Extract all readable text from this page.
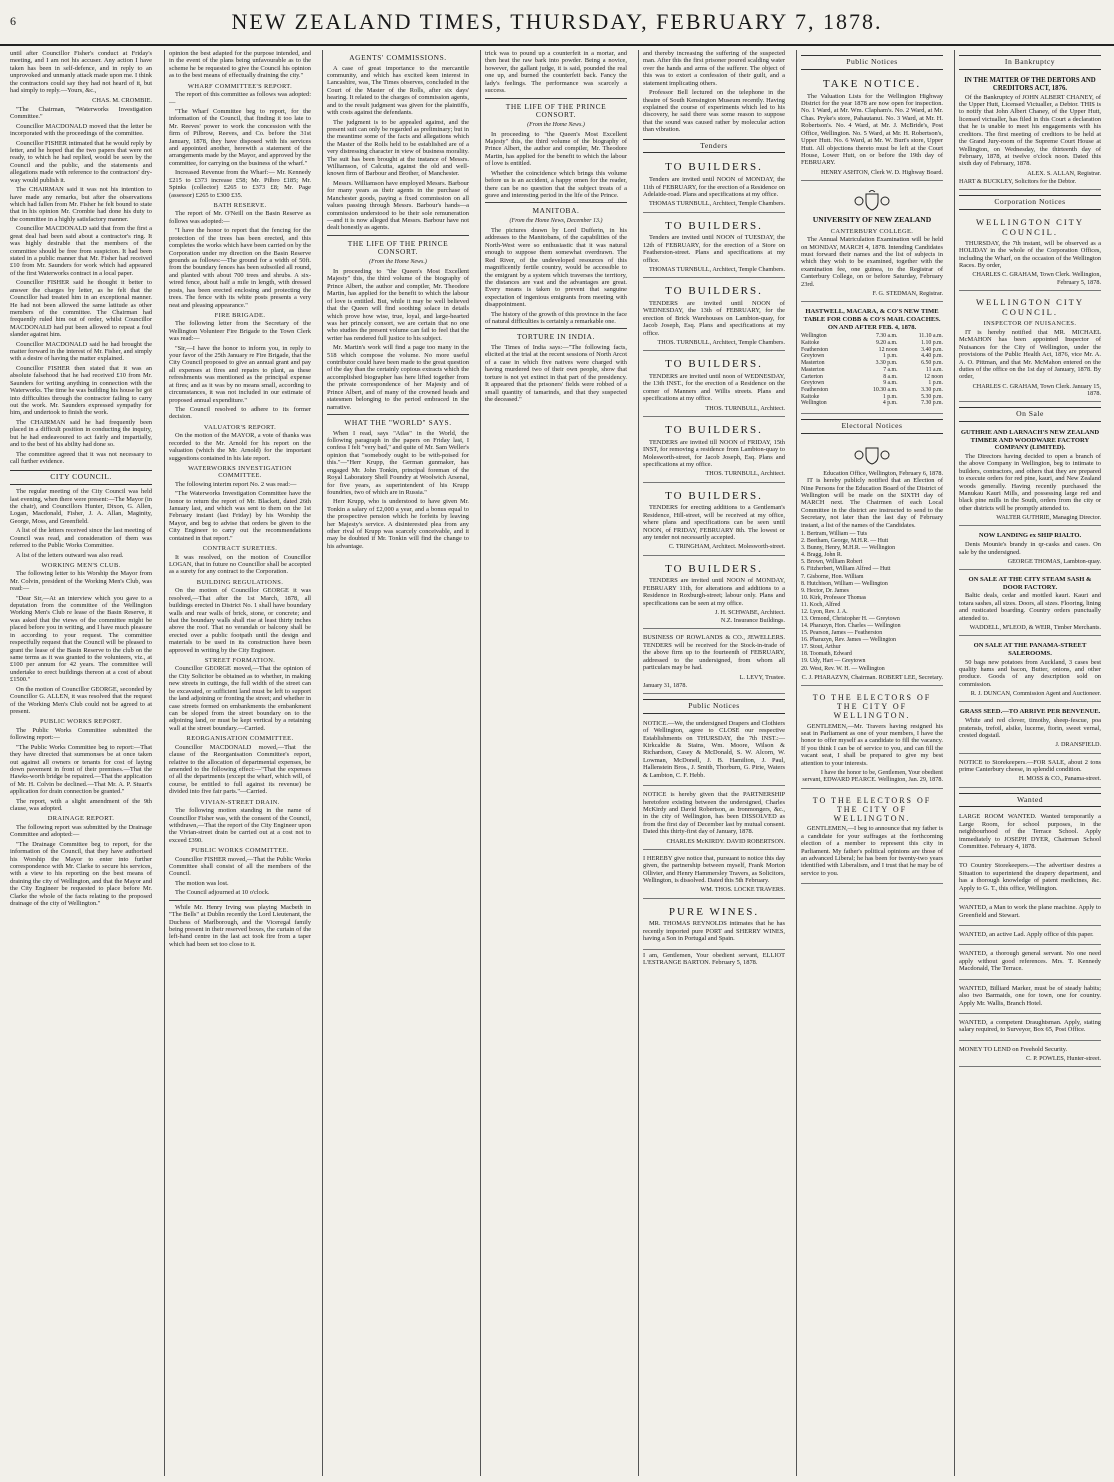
6	NEW ZEALAND TIMES, THURSDAY, FEBRUARY 7, 1878.

until after Councillor Fisher's conduct at Friday's meeting, and I am not his accuser. Any action I have taken has been in self-defence, and in reply to an unprovoked and unmanly attack made upon me. I think the contractors could say they had not heard of it, but had simply to reply.—Yours, &c.,

CHAS. M. CROMBIE.

"The Chairman, "Waterworks Investigation Committee."

Councillor MACDONALD moved that the letter be incorporated with the proceedings of the committee.

Councillor FISHER intimated that he would reply by letter, and he hoped that the two papers that were not ready, to which he had replied, would be seen by the Council and the public, and the statements and allegations made with reference to the contractors' dry-way would publish it.

The CHAIRMAN said it was not his intention to have made any remarks, but after the observations which had fallen from Mr. Fisher he felt bound to state that in his opinion Mr. Crombie had done his duty to the committee in a highly satisfactory manner.

Councillor MACDONALD said that from the first a great deal had been said about a contractor's ring. It was highly desirable that the members of the committee should be free from suspicion. It had been stated in a public manner that Mr. Fisher had received £10 from Mr. Saunders for work which had appeared of the first Waterworks contract in a local paper.

Councillor FISHER said he thought it better to answer the charges by letter, as he felt that the Councillor had treated him in an exceptional manner. He had not been allowed the same latitude as other members of the committee. The Chairman had frequently ruled him out of order, whilst Councillor MACDONALD had put been allowed to repeat a foul slander against him.

Councillor MACDONALD said he had brought the matter forward in the interest of Mr. Fisher, and simply with a desire of having the matter explained.

Councillor FISHER then stated that it was an absolute falsehood that he had received £10 from Mr. Saunders for writing anything in connection with the Waterworks. The time he was building his house he got into difficulties through the contractor failing to carry out the work. Mr. Saunders expressed sympathy for him, and undertook to finish the work.

The CHAIRMAN said he had frequently been placed in a difficult position in conducting the inquiry, but he had endeavoured to act fairly and impartially, and to the best of his ability had done so.

The committee agreed that it was not necessary to call further evidence.

CITY COUNCIL.

The regular meeting of the City Council was held last evening, when there were present:—The Mayor (in the chair), and Councillors Hunter, Dixon, G. Allen, Logan, Macdonald, Fisher, J. A. Allan, Maginity, George, Moss, and Greenfield.

A list of the letters received since the last meeting of Council was read, and consideration of them was referred to the Public Works Committee.

A list of the letters outward was also read.

WORKING MEN'S CLUB.

The following letter to his Worship the Mayor from Mr. Colvin, president of the Working Men's Club, was read:—

"Dear Sir,—At an interview which you gave to a deputation from the committee of the Wellington Working Men's Club re lease of the Basin Reserve, it was asked that the views of the committee might be placed before you in writing, and I have much pleasure in according to your request. The committee respectfully request that the Council will be pleased to grant the lease of the Basin Reserve to the club on the same terms as it was granted to the volunteers, viz., at £100 per annum for 42 years. The committee will undertake to erect buildings thereon at a cost of about £1500."

On the motion of Councillor GEORGE, seconded by Councillor G. ALLEN, it was resolved that the request of the Working Men's Club could not be agreed to at present.

PUBLIC WORKS REPORT.

The Public Works Committee submitted the following report:—

"The Public Works Committee beg to report:—That they have directed that summonses be at once taken out against all owners or tenants for cost of laying down pavement in front of their premises.—That the Hawks-worth bridge be repaired.—That the application of Mr. H. Colvin be declined.—That Mr. A. P. Stuart's application for drain connection be granted."

The report, with a slight amendment of the 9th clause, was adopted.

DRAINAGE REPORT.

The following report was submitted by the Drainage Committee and adopted:—

"The Drainage Committee beg to report, for the information of the Council, that they have authorised his Worship the Mayor to enter into further correspondence with Mr. Clarke to secure his services, with a view to his reporting on the best means of draining the city of Wellington, and that the Mayor and the City Engineer be requested to place before Mr. Clarke the whole of the facts relating to the proposed drainage of the city of Wellington."

opinion the best adapted for the purpose intended, and in the event of the plans being unfavourable as to the scheme he be requested to give the Council his opinion as to the best means of effectually draining the city."

WHARF COMMITTEE'S REPORT.

The report of this committee as follows was adopted:—

"The Wharf Committee beg to report, for the information of the Council, that finding it too late to Mr. Reeves' power to work the concession with the firm of Pilbrow, Reeves, and Co. before the 31st January, 1878, they have disposed with his services and appointed another, herewith a statement of the arrangements made by the Mayor, and approved by the committee, for carrying on the business of the wharf."

Increased Revenue from the Wharf:— Mr. Kennedy £215 to £373 increase £58; Mr. Pilbro £185; Mr. Spinks (collector) £265 to £373 £8; Mr. Page (assessor) £265 to £300 £35.

BATH RESERVE.

The report of Mr. O'Neill on the Basin Reserve as follows was adopted:—

"I have the honor to report that the fencing for the protection of the trees has been erected, and this completes the works which have been carried on by the Corporation under my direction on the Basin Reserve grounds as follows:—The ground for a width of 50ft. from the boundary fences has been subsoiled all round, and planted with about 700 trees and shrubs. A six-wired fence, about half a mile in length, with dressed posts, has been erected enclosing and protecting the trees. The fence with its white posts presents a very neat and pleasing appearance."

FIRE BRIGADE.

The following letter from the Secretary of the Wellington Volunteer Fire Brigade to the Town Clerk was read:—

"Sir,—I have the honor to inform you, in reply to your favor of the 25th January re Fire Brigade, that the City Council proposed to give an annual grant and pay all expenses at fires and repairs to plant, as these refreshments was mentioned as the principal expense at fires; and as it was by no means small, according to circumstances, it was not included in our estimate of proposed annual expenditure."

The Council resolved to adhere to its former decision.

VALUATOR'S REPORT.

On the motion of the MAYOR, a vote of thanks was recorded to the Mr. Arnold for his report on the valuation (which the Mr. Arnold) for the important suggestions contained in his late report.

WATERWORKS INVESTIGATION COMMITTEE.

The following interim report No. 2 was read:—

"The Waterworks Investigation Committee have the honor to return the report of Mr. Blackett, dated 26th January last, and which was sent to them on the 1st February instant (last Friday) by his Worship the Mayor, and beg to advise that orders be given to the City Engineer to carry out the recommendations contained in that report."

CONTRACT SURETIES.

It was resolved, on the motion of Councillor LOGAN, that in future no Councillor shall be accepted as a surety for any contract to the Corporation.

BUILDING REGULATIONS.

On the motion of Councillor GEORGE it was resolved,—That after the 1st March, 1878, all buildings erected in District No. 1 shall have boundary walls and rear walls of brick, stone, or concrete; and that the boundary walls shall rise at least thirty inches above the roof. That no verandah or balcony shall be erected over a public footpath until the design and materials to be used in its construction have been approved in writing by the City Engineer.

STREET FORMATION.

Councillor GEORGE moved,—That the opinion of the City Solicitor be obtained as to whether, in making new streets in cuttings, the full width of the street can be excavated, or sufficient land must be left to support the land adjoining or fronting the street; and whether in case streets formed on embankments the embankment can be sloped from the street boundary on to the adjoining land, or must be kept vertical by a retaining wall at the street boundary.—Carried.

REORGANISATION COMMITTEE.

Councillor MACDONALD moved,—That the clause of the Reorganisation Committee's report, relative to the allocation of departmental expenses, be amended to the following effect:—"That the expenses of all the departments (except the wharf, which will, of course, be entitled to full against its revenue) be divided into five fair parts."—Carried.

VIVIAN-STREET DRAIN.

The following motion standing in the name of Councillor Fisher was, with the consent of the Council, withdrawn,—That the report of the City Engineer upon the Vivian-street drain be carried out at a cost not to exceed £390.

PUBLIC WORKS COMMITTEE.

Councillor FISHER moved,—That the Public Works Committee shall consist of all the members of the Council.

The motion was lost.

The Council adjourned at 10 o'clock.

While Mr. Henry Irving was playing Macbeth in "The Bells" at Dublin recently the Lord Lieutenant, the Duchess of Marlborough, and the Viceregal family being present in their reserved boxes, the curtain of the left-hand centre in the last act took fire from a taper which had been set too close to it.

AGENTS' COMMISSIONS.

A case of great importance to the mercantile community, and which has excited keen interest in Lancashire, was, The Times observes, concluded in the Court of the Master of the Rolls, after six days' hearing. It related to the charges of commission agents, and to the result judgment was given for the plaintiffs, with costs against the defendants.

The judgment is to be appealed against, and the present suit can only be regarded as preliminary; but in the meantime some of the facts and allegations which the Master of the Rolls held to be established are of a very distressing character in view of business morality. The suit has been brought at the instance of Messrs. Williamson, of Calcutta, against the old and well-known firm of Barbour and Brother, of Manchester.

Messrs. Williamson have employed Messrs. Barbour for many years as their agents in the purchase of Manchester goods, paying a fixed commission on all values passing through Messrs. Barbour's hands—a commission understood to be their sole remuneration—and it is now alleged that Messrs. Barbour have not dealt honestly as agents.

THE LIFE OF THE PRINCE CONSORT.
(From the Home News.)

In proceeding to "the Queen's Most Excellent Majesty" this, the third volume of the biography of Prince Albert, the author and compiler, Mr. Theodore Martin, has applied for the benefit to which the labour of love is entitled. But, while it may be well believed that the Queen will find soothing solace in details which prove how wise, true, loyal, and large-hearted was her princely consort, we are certain that no one who studies the present volume can fail to feel that the writer has rendered full justice to his subject.

Mr. Martin's work will find a page too many in the 518 which compose the volume. No more useful contributor could have been made to the great question of the day than the certainly copious extracts which the accomplished biographer has here lifted together from the private correspondence of her Majesty and of Prince Albert, and of many of the crowned heads and statesmen belonging to the period embraced in the narrative.

WHAT THE "WORLD" SAYS.

When I read, says "Atlas" in the World, the following paragraph in the papers on Friday last, I confess I felt "very bad," and quite of Mr. Sam Weller's opinion that "somebody ought to be with-poised for this."—"Herr Krupp, the German gunmaker, has engaged Mr. John Tonkin, principal foreman of the Royal Laboratory Shell Foundry at Woolwich Arsenal, for five years, as superintendent of his Krupp foundries, two of which are in Russia."

Herr Krupp, who is understood to have given Mr. Tonkin a salary of £2,000 a year, and a bonus equal to the prospective pension which he forfeits by leaving her Majesty's service. A disinterested plea from any other rival of Krupp was scarcely conceivable, and it may be doubted if Mr. Tonkin will find the change to his advantage.

trick was to pound up a counterfeit in a mortar, and then heat the raw bark into powder. Being a novice, however, the gallant judge, it is said, pounded the real one up, and burned the counterfeit back. Fancy the lady's feelings. The performance was scarcely a success.

THE LIFE OF THE PRINCE CONSORT.
(From the Home News.)

In proceeding to "the Queen's Most Excellent Majesty" this, the third volume of the biography of Prince Albert, the author and compiler, Mr. Theodore Martin, has applied for the benefit to which the labour of love is entitled.

Whether the coincidence which brings this volume before us is an accident, a happy omen for the reader, there can be no question that the subject treats of a grave and interesting period in the life of the Prince.

MANITOBA.
(From the Home News, December 13.)

The pictures drawn by Lord Dufferin, in his addresses to the Manitobans, of the capabilities of the North-West were so enthusiastic that it was natural enough to suppose them somewhat overdrawn. The Red River, of the undeveloped resources of this magnificently fertile country, would be accessible to the emigrant by a system which traverses the territory, the distances are vast and the advantages are great. Every means is taken to prevent that sanguine expectation of ingenious emigrants from meeting with disappointment.

The history of the growth of this province in the face of natural difficulties is certainly a remarkable one.

TORTURE IN INDIA.

The Times of India says:—"The following facts, elicited at the trial at the recent sessions of North Arcot of a case in which five natives were charged with having murdered two of their own people, show that torture is not yet extinct in that part of the presidency. It appeared that the prisoners' fields were robbed of a small quantity of tamarinds, and that they suspected the deceased."

and thereby increasing the suffering of the suspected man. After this the first prisoner poured scalding water over the hands and arms of the sufferer. The object of this was to extort a confession of their guilt, and a statement implicating others.

Professor Bell lectured on the telephone in the theatre of South Kensington Museum recently. Having explained the course of experiments which led to his discovery, he said there was some reason to suppose that the sound was caused rather by molecular action than vibration.

Tenders
TO BUILDERS.

Tenders are invited until NOON of MONDAY, the 11th of FEBRUARY, for the erection of a Residence on Adelaide-road. Plans and specifications at my office.

THOMAS TURNBULL, Architect, Temple Chambers.
TO BUILDERS.

Tenders are invited until NOON of TUESDAY, the 12th of FEBRUARY, for the erection of a Store on Featherston-street. Plans and specifications at my office.

THOMAS TURNBULL, Architect, Temple Chambers.
TO BUILDERS.

TENDERS are invited until NOON of WEDNESDAY, the 13th of FEBRUARY, for the erection of Brick Warehouses on Lambton-quay, for Jacob Joseph, Esq. Plans and specifications at my office.

THOS. TURNBULL, Architect, Temple Chambers.
TO BUILDERS.

TENDERS are invited until noon of WEDNESDAY, the 13th INST., for the erection of a Residence on the corner of Manners and Willis streets. Plans and specifications at my office.

THOS. TURNBULL, Architect.
TO BUILDERS.

TENDERS are invited till NOON of FRIDAY, 15th INST, for removing a residence from Lambton-quay to Molesworth-street, for Jacob Joseph, Esq. Plans and specifications at my office.

THOS. TURNBULL, Architect.
TO BUILDERS.

TENDERS for erecting additions to a Gentleman's Residence, Hill-street, will be received at my office, where plans and specifications can be seen until NOON, of FRIDAY, FEBRUARY 8th. The lowest or any tender not necessarily accepted.

C. TRINGHAM, Architect. Molesworth-street.
TO BUILDERS.

TENDERS are invited until NOON of MONDAY, FEBRUARY 11th, for alterations and additions to a Residence in Roxburgh-street; labour only. Plans and specifications can be seen at my office.

J. H. SCHWABE, Architect.
N.Z. Insurance Buildings.

BUSINESS OF ROWLANDS & CO., JEWELLERS. TENDERS will be received for the Stock-in-trade of the above firm up to the fourteenth of FEBRUARY, addressed to the undersigned, from whom all particulars may be had.

L. LEVY, Trustee.
January 31, 1878.
Public Notices

NOTICE.—We, the undersigned Drapers and Clothiers of Wellington, agree to CLOSE our respective Establishments on THURSDAY, the 7th INST.:— Kirkcaldie & Stains, Wm. Moore, Wilson & Richardson, Casey & McDonald, S. W. Alcorn, W. Lowman, McDonell, J. B. Hamilton, J. Paul, Hallenstein Bros., J. Smith, Thorburn, G. Pirie, Waters & Lambton, C. F. Hebb.

NOTICE is hereby given that the PARTNERSHIP heretofore existing between the undersigned, Charles McKirdy and David Robertson, as Ironmongers, &c., in the city of Wellington, has been DISSOLVED as from the first day of December last by mutual consent. Dated this thirty-first day of January, 1878.

CHARLES McKIRDY. DAVID ROBERTSON.

I HEREBY give notice that, pursuant to notice this day given, the partnership between myself, Frank Morton Ollivier, and Henry Hammersley Travers, as Solicitors, Wellington, is dissolved. Dated this 5th February.

WM. THOS. LOCKE TRAVERS.
PURE WINES.

MR. THOMAS REYNOLDS intimates that he has recently imported pure PORT and SHERRY WINES, having a Son in Portugal and Spain.

I am, Gentlemen, Your obedient servant, ELLIOT L'ESTRANGE BARTON. February 5, 1878.
Public Notices
TAKE NOTICE.

The Valuation Lists for the Wellington Highway District for the year 1878 are now open for inspection. No. 1 Ward, at Mr. Wm. Clapham's. No. 2 Ward, at Mr. Chas. Pryke's store, Pahautanui. No. 3 Ward, at Mr. H. Robertson's. No. 4 Ward, at Mr. J. McBride's, Post Office, Wellington. No. 5 Ward, at Mr. H. Robertson's, Upper Hutt. No. 6 Ward, at Mr. W. Burt's store, Upper Hutt. All objections thereto must be left at the Court House, Lower Hutt, on or before the 19th day of FEBRUARY.

HENRY ASHTON, Clerk W. D. Highway Board.
UNIVERSITY OF NEW ZEALAND
CANTERBURY COLLEGE.

The Annual Matriculation Examination will be held on MONDAY, MARCH 4, 1878. Intending Candidates must forward their names and the list of subjects in which they wish to be examined, together with the examination fee, one guinea, to the Registrar of Canterbury College, on or before Saturday, February 23rd.

F. G. STEDMAN, Registrar.
HASTWELL, MACARA, & CO'S NEW TIME TABLE FOR COBB & CO'S MAIL COACHES. ON AND AFTER FEB. 4, 1878.
Wellington	7.30 a.m.	11.10 a.m.
Kaitoke	9.20 a.m.	1.10 p.m.
Featherston	12 noon	3.40 p.m.
Greytown	1 p.m.	4.40 p.m.
Masterton	3.30 p.m.	6.50 p.m.
Masterton	7 a.m.	11 a.m.
Carterton	8 a.m.	12 noon
Greytown	9 a.m.	1 p.m.
Featherston	10.30 a.m.	3.30 p.m.
Kaitoke	1 p.m.	5.30 p.m.
Wellington	4 p.m.	7.30 p.m.
Electoral Notices
Education Office, Wellington, February 6, 1878.

IT is hereby publicly notified that an Election of Nine Persons for the Education Board of the District of Wellington will be made on the SIXTH day of MARCH next. The Chairmen of each Local Committee in the district are instructed to send to the Secretary, not later than the last day of February instant, a list of the names of the Candidates.

1. Bertram, William — Tuts
2. Beetham, George, M.H.R. — Hutt
3. Bunny, Henry, M.H.R. — Wellington
4. Bragg, John R.
5. Brown, William Robert
6. Fitzherbert, William Alfred — Hutt
7. Gisborne, Hon. William
8. Hutchison, William — Wellington
9. Hector, Dr. James
10. Kirk, Professor Thomas
11. Koch, Alfred
12. Lyon, Rev. J. A.
13. Ormond, Christopher H. — Greytown
14. Pharazyn, Hon. Charles — Wellington
15. Pearson, James — Featherston
16. Pharazyn, Rev. James — Wellington
17. Stout, Arthur
18. Toomath, Edward
19. Udy, Hart — Greytown
20. West, Rev. W. H. — Wellington
C. J. PHARAZYN, Chairman. ROBERT LEE, Secretary.
TO THE ELECTORS OF THE CITY OF WELLINGTON.

GENTLEMEN,—Mr. Travers having resigned his seat in Parliament as one of your members, I have the honor to offer myself as a candidate to fill the vacancy. If you think I can be of service to you, and can fill the vacant seat, I shall be prepared to give my best attention to your interests.

I have the honor to be, Gentlemen, Your obedient servant, EDWARD PEARCE. Wellington, Jan. 29, 1878.
TO THE ELECTORS OF THE CITY OF WELLINGTON.

GENTLEMEN,—I beg to announce that my father is a candidate for your suffrages at the forthcoming election of a member to represent this city in Parliament. My father's political opinions are those of an advanced Liberal; he has been for twenty-two years identified with Liberalism, and I trust that he may be of service to you.

In Bankruptcy
IN THE MATTER OF THE DEBTORS AND CREDITORS ACT, 1876.

Of the Bankruptcy of JOHN ALBERT CHANEY, of the Upper Hutt, Licensed Victualler, a Debtor. THIS is to notify that John Albert Chaney, of the Upper Hutt, licensed victualler, has filed in this Court a declaration that he is unable to meet his engagements with his creditors. The first meeting of creditors to be held at the Grand Jury-room of the Supreme Court House at Wellington, on Wednesday, the thirteenth day of February, 1878, at twelve o'clock noon. Dated this sixth day of February, 1878.

ALEX. S. ALLAN, Registrar.
HART & BUCKLEY, Solicitors for the Debtor.
Corporation Notices
WELLINGTON CITY COUNCIL.

THURSDAY, the 7th instant, will be observed as a HOLIDAY in the whole of the Corporation Offices, including the Wharf, on the occasion of the Wellington Races. By order,

CHARLES C. GRAHAM, Town Clerk. Wellington, February 5, 1878.
WELLINGTON CITY COUNCIL.
INSPECTOR OF NUISANCES.

IT is hereby notified that MR. MICHAEL McMAHON has been appointed Inspector of Nuisances for the City of Wellington, under the provisions of the Public Health Act, 1876, vice Mr. A. A. O. Pittman, and that Mr. McMahon entered on the duties of the office on the 1st day of January, 1878. By order,

CHARLES C. GRAHAM, Town Clerk. January 15, 1878.
On Sale
GUTHRIE AND LARNACH'S NEW ZEALAND TIMBER AND WOODWARE FACTORY COMPANY (LIMITED).

The Directors having decided to open a branch of the above Company in Wellington, beg to intimate to builders, contractors, and others that they are prepared to execute orders for red pine, kauri, and New Zealand woods generally. Having recently purchased the Manukau Kauri Mills, and possessing large red and black pine mills in the South, orders from the city or other districts will be promptly attended to.

WALTER GUTHRIE, Managing Director.
NOW LANDING ex SHIP RIALTO.

Denis Mounie's brandy in qr-casks and cases. On sale by the undersigned.

GEORGE THOMAS, Lambton-quay.
ON SALE AT THE CITY STEAM SASH & DOOR FACTORY.

Baltic deals, cedar and mottled kauri. Kauri and totara sashes, all sizes. Doors, all sizes. Flooring, lining and rusticated boarding. Country orders punctually attended to.

WADDELL, M'LEOD, & WEIR, Timber Merchants.
ON SALE AT THE PANAMA-STREET SALEROOMS.

50 bags new potatoes from Auckland, 3 cases best quality hams and bacon, Butter, onions, and other produce. Goods of any description sold on commission.

R. J. DUNCAN, Commission Agent and Auctioneer.
GRASS SEED.—TO ARRIVE PER BENVENUE.

White and red clover, timothy, sheep-fescue, poa pratensis, trefoil, alsike, lucerne, fiorin, sweet vernal, crested dogstail.

J. DRANSFIELD.

NOTICE to Storekeepers.—FOR SALE, about 2 tons prime Canterbury cheese, in splendid condition.

H. MOSS & CO., Panama-street.
Wanted

LARGE ROOM WANTED. Wanted temporarily a Large Room, for school purposes, in the neighbourhood of the Terrace School. Apply immediately to JOSEPH DYER, Chairman School Committee. February 4, 1878.

TO Country Storekeepers.—The advertiser desires a Situation to superintend the drapery department, and has a thorough knowledge of patent medicines, &c. Apply to G. T., this office, Wellington.

WANTED, a Man to work the plane machine. Apply to Greenfield and Stewart.

WANTED, an active Lad. Apply office of this paper.

WANTED, a thorough general servant. No one need apply without good references. Mrs. T. Kennedy Macdonald, The Terrace.

WANTED, Billiard Marker, must be of steady habits; also two Barmaids, one for town, one for country. Apply Mr. Wallis, Branch Hotel.

WANTED, a competent Draughtsman. Apply, stating salary required, to Surveyor, Box 65, Post Office.

MONEY TO LEND on Freehold Security.

C. P. POWLES, Hunter-street.
